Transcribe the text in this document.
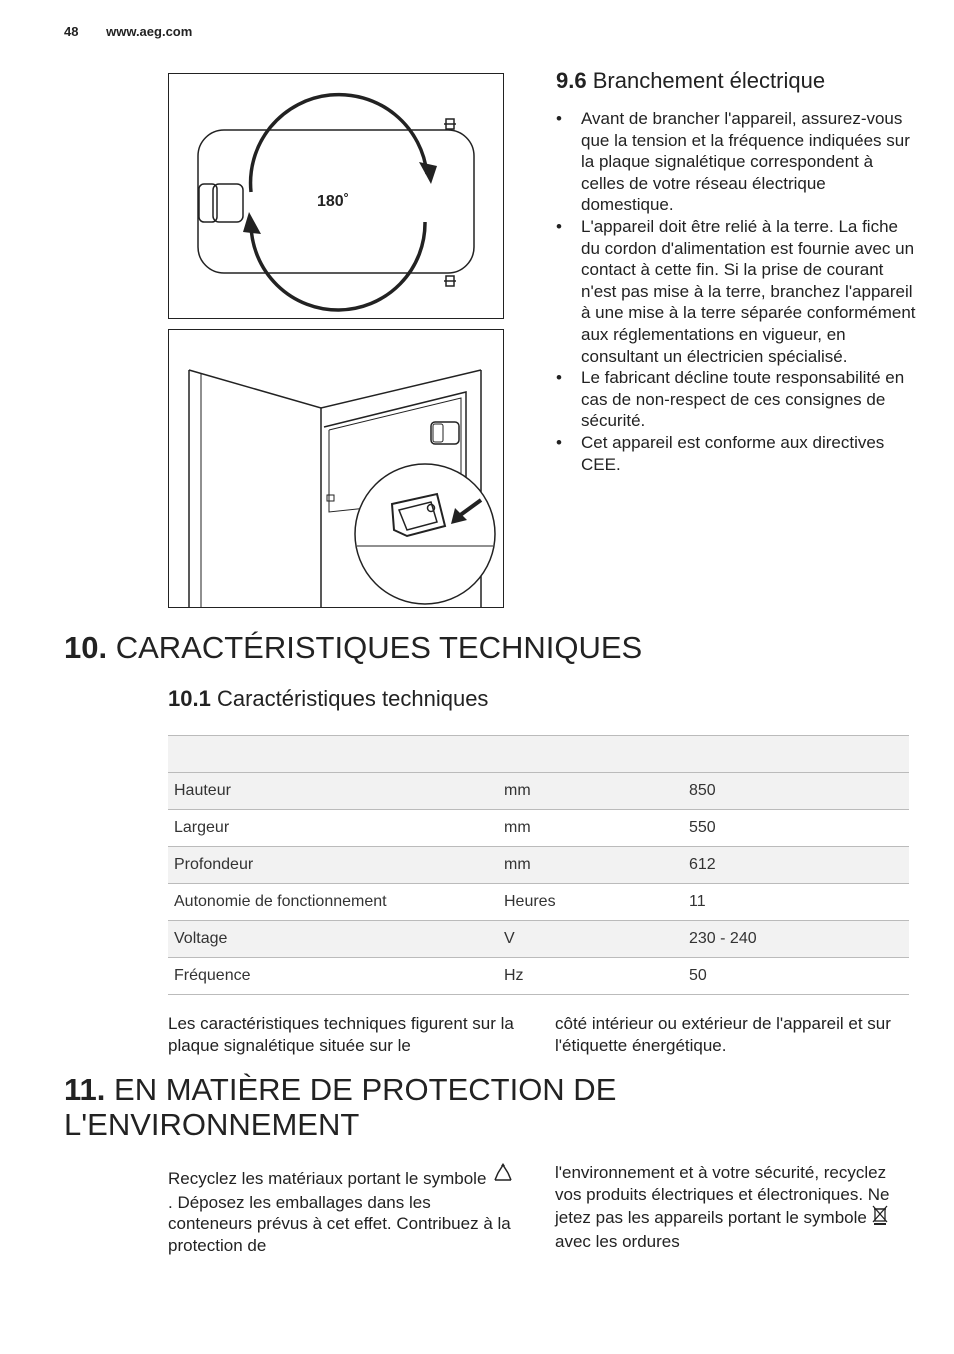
48 www.aeg.com
180˚
9.6 Branchement électrique
• Avant de brancher l'appareil, assurez-vous que la tension et la fréquence indiquées sur la plaque signalétique correspondent à celles de votre réseau électrique domestique.
• L'appareil doit être relié à la terre. La fiche du cordon d'alimentation est fournie avec un contact à cette fin. Si la prise de courant n'est pas mise à la terre, branchez l'appareil à une mise à la terre séparée conformément aux réglementations en vigueur, en consultant un électricien spécialisé.
• Le fabricant décline toute responsabilité en cas de non-respect de ces consignes de sécurité.
• Cet appareil est conforme aux directives CEE.
10. CARACTÉRISTIQUES TECHNIQUES
10.1 Caractéristiques techniques

Hauteur	mm	850
Largeur	mm	550
Profondeur	mm	612
Autonomie de fonctionnement	Heures	11
Voltage	V	230 - 240
Fréquence	Hz	50

Les caractéristiques techniques figurent sur la plaque signalétique située sur le

côté intérieur ou extérieur de l'appareil et sur l'étiquette énergétique.

11. EN MATIÈRE DE PROTECTION DE L'ENVIRONNEMENT

Recyclez les matériaux portant le symbole . Déposez les emballages dans les conteneurs prévus à cet effet. Contribuez à la protection de

l'environnement et à votre sécurité, recyclez vos produits électriques et électroniques. Ne jetez pas les appareils portant le symbole  avec les ordures
